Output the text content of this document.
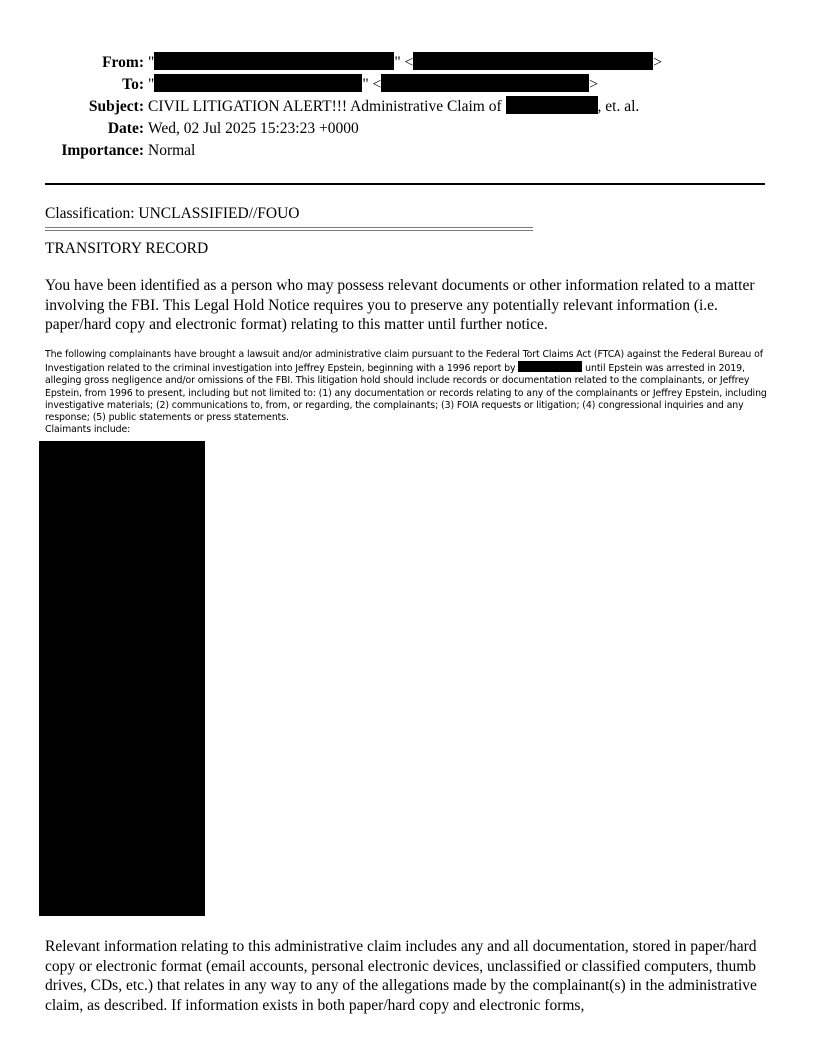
From: "	" <	>
To: "	" <	>
Subject: CIVIL LITIGATION ALERT!!! Administrative Claim of	, et. al.
Date: Wed, 02 Jul 2025 15:23:23 +0000
Importance: Normal
Classification: UNCLASSIFIED//FOUO
TRANSITORY RECORD
You have been identified as a person who may possess relevant documents or other information related to a matter involving the FBI. This Legal Hold Notice requires you to preserve any potentially relevant information (i.e. paper/hard copy and electronic format) relating to this matter until further notice.
The following complainants have brought a lawsuit and/or administrative claim pursuant to the Federal Tort Claims Act (FTCA) against the Federal Bureau of Investigation related to the criminal investigation into Jeffrey Epstein, beginning with a 1996 report by	until Epstein was arrested in 2019, alleging gross negligence and/or omissions of the FBI. This litigation hold should include records or documentation related to the complainants, or Jeffrey Epstein, from 1996 to present, including but not limited to: (1) any documentation or records relating to any of the complainants or Jeffrey Epstein, including investigative materials; (2) communications to, from, or regarding, the complainants; (3) FOIA requests or litigation; (4) congressional inquiries and any response; (5) public statements or press statements.
Claimants include:
Relevant information relating to this administrative claim includes any and all documentation, stored in paper/hard copy or electronic format (email accounts, personal electronic devices, unclassified or classified computers, thumb drives, CDs, etc.) that relates in any way to any of the allegations made by the complainant(s) in the administrative claim, as described. If information exists in both paper/hard copy and electronic forms,
